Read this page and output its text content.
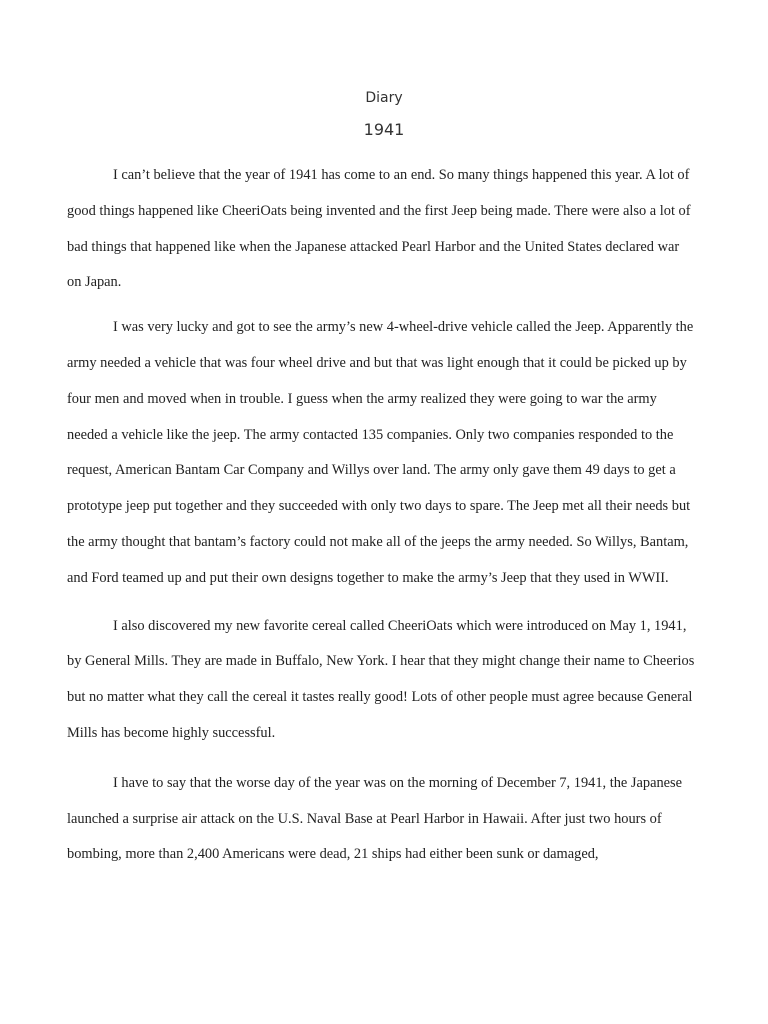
Diary
1941

I can’t believe that the year of 1941 has come to an end. So many things happened this year. A lot of good things happened like CheeriOats being invented and the first Jeep being made. There were also a lot of bad things that happened like when the Japanese attacked Pearl Harbor and the United States declared war on Japan.

I was very lucky and got to see the army’s new 4-wheel-drive vehicle called the Jeep. Apparently the army needed a vehicle that was four wheel drive and but that was light enough that it could be picked up by four men and moved when in trouble. I guess when the army realized they were going to war the army needed a vehicle like the jeep. The army contacted 135 companies. Only two companies responded to the request, American Bantam Car Company and Willys over land. The army only gave them 49 days to get a prototype jeep put together and they succeeded with only two days to spare. The Jeep met all their needs but the army thought that bantam’s factory could not make all of the jeeps the army needed. So Willys, Bantam, and Ford teamed up and put their own designs together to make the army’s Jeep that they used in WWII.

I also discovered my new favorite cereal called CheeriOats which were introduced on May 1, 1941, by General Mills. They are made in Buffalo, New York. I hear that they might change their name to Cheerios but no matter what they call the cereal it tastes really good! Lots of other people must agree because General Mills has become highly successful.

I have to say that the worse day of the year was on the morning of December 7, 1941, the Japanese launched a surprise air attack on the U.S. Naval Base at Pearl Harbor in Hawaii. After just two hours of bombing, more than 2,400 Americans were dead, 21 ships had either been sunk or damaged,
